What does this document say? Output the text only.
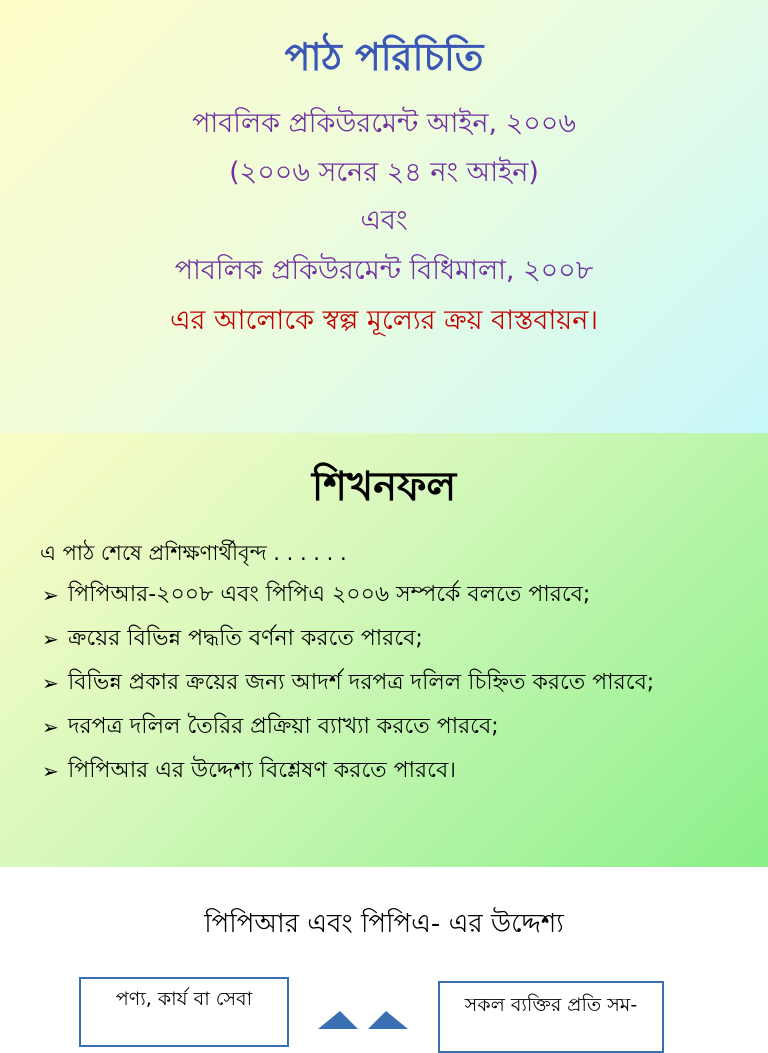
পাঠ পরিচিতি
পাবলিক প্রকিউরমেন্ট আইন, ২০০৬
(২০০৬ সনের ২৪ নং আইন)
এবং
পাবলিক প্রকিউরমেন্ট বিধিমালা, ২০০৮
এর আলোকে স্বল্প মূল্যের ক্রয় বাস্তবায়ন।
শিখনফল
এ পাঠ শেষে প্রশিক্ষণার্থীবৃন্দ . . . . . .
➢ পিপিআর-২০০৮ এবং পিপিএ ২০০৬ সম্পর্কে বলতে পারবে;
➢ ক্রয়ের বিভিন্ন পদ্ধতি বর্ণনা করতে পারবে;
➢ বিভিন্ন প্রকার ক্রয়ের জন্য আদর্শ দরপত্র দলিল চিহ্নিত করতে পারবে;
➢ দরপত্র দলিল তৈরির প্রক্রিয়া ব্যাখ্যা করতে পারবে;
➢ পিপিআর এর উদ্দেশ্য বিশ্লেষণ করতে পারবে।
পিপিআর এবং পিপিএ- এর উদ্দেশ্য
পণ্য, কার্য বা সেবা	সকল ব্যক্তির প্রতি সম-
